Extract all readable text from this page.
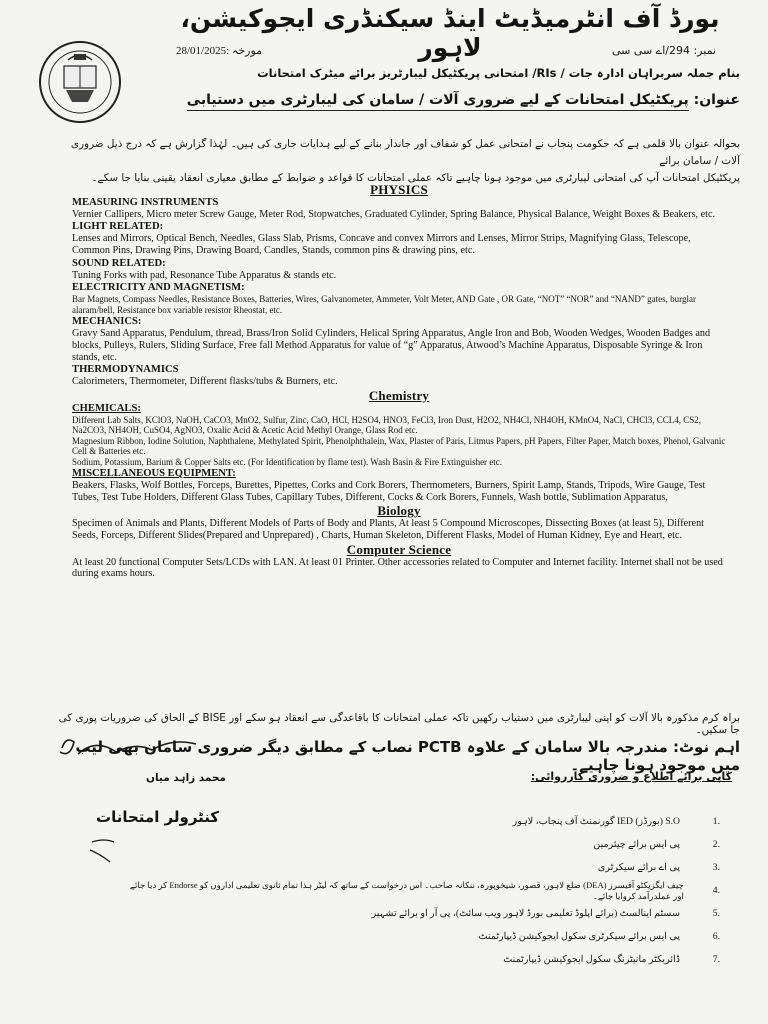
بورڈ آف انٹرمیڈیٹ اینڈ سیکنڈری ایجوکیشن، لاہور	نمبر: 294/اے سی سی
28/01/2025: مورخہ
بنام جملہ سربراہان ادارہ جات / RIs/ امتحانی پریکٹیکل لیبارٹریز برائے میٹرک امتحانات
عنوان: پریکٹیکل امتحانات کے لیے ضروری آلات / سامان کی لیبارٹری میں دستیابی
بحوالہ عنوان بالا قلمی ہے کہ حکومت پنجاب نے امتحانی عمل کو شفاف اور جاندار بنانے کے لیے ہدایات جاری کی ہیں۔ لہٰذا گزارش ہے کہ درج ذیل ضروری آلات / سامان برائے
پریکٹیکل امتحانات آپ کی امتحانی لیبارٹری میں موجود ہونا چاہیے تاکہ عملی امتحانات کا قواعد و ضوابط کے مطابق معیاری انعقاد یقینی بنایا جا سکے۔
PHYSICS
MEASURING INSTRUMENTS

Vernier Callipers, Micro meter Screw Gauge, Meter Rod, Stopwatches, Graduated Cylinder, Spring Balance, Physical Balance, Weight Boxes & Beakers, etc.

LIGHT RELATED:

Lenses and Mirrors, Optical Bench, Needles, Glass Slab, Prisms, Concave and convex Mirrors and Lenses, Mirror Strips, Magnifying Glass, Telescope, Common Pins, Drawing Pins, Drawing Board, Candles, Stands, common pins & drawing pins, etc.

SOUND RELATED:

Tuning Forks with pad, Resonance Tube Apparatus & stands etc.

ELECTRICITY AND MAGNETISM:

Bar Magnets, Compass Needles, Resistance Boxes, Batteries, Wires, Galvanometer, Ammeter, Volt Meter, AND Gate , OR Gate, “NOT” “NOR” and “NAND” gates, burglar alaram/bell, Resistance box variable resistor Rheostat, etc.

MECHANICS:

Gravy Sand Apparatus, Pendulum, thread, Brass/Iron Solid Cylinders, Helical Spring Apparatus, Angle Iron and Bob, Wooden Wedges, Wooden Badges and blocks, Pulleys, Rulers, Sliding Surface, Free fall Method Apparatus for value of “g” Apparatus, Atwood’s Machine Apparatus, Disposable Syringe & Iron stands, etc.

THERMODYNAMICS

Calorimeters, Thermometer, Different flasks/tubs & Burners, etc.

Chemistry
CHEMICALS:

Different Lab Salts, KClO3, NaOH, CaCO3, MnO2, Sulfur, Zinc, CaO, HCl, H2SO4, HNO3, FeCl3, Iron Dust, H2O2, NH4Cl, NH4OH, KMnO4, NaCl, CHCl3, CCL4, CS2, Na2CO3, NH4OH, CuSO4, AgNO3, Oxalic Acid & Acetic Acid Methyl Orange, Glass Rod etc.

Magnesium Ribbon, Iodine Solution, Naphthalene, Methylated Spirit, Phenolphthalein, Wax, Plaster of Paris, Litmus Papers, pH Papers, Filter Paper, Match boxes, Phenol, Galvanic Cell & Batteries etc.

Sodium, Potassium, Barium & Copper Salts etc. (For Identification by flame test). Wash Basin & Fire Extinguisher etc.

MISCELLANEOUS EQUIPMENT:

Beakers, Flasks, Wolf Bottles, Forceps, Burettes, Pipettes, Corks and Cork Borers, Thermometers, Burners, Spirit Lamp, Stands, Tripods, Wire Gauge, Test Tubes, Test Tube Holders, Different Glass Tubes, Capillary Tubes, Different, Cocks & Cork Borers, Funnels, Wash bottle, Sublimation Apparatus,

Biology

Specimen of Animals and Plants, Different Models of Parts of Body and Plants, At least 5 Compound Microscopes, Dissecting Boxes (at least 5), Different Seeds, Forceps, Different Slides(Prepared and Unprepared) , Charts, Human Skeleton, Different Flasks, Model of Human Kidney, Eye and Heart, etc.

Computer Science

At least 20 functional Computer Sets/LCDs with LAN. At least 01 Printer. Other accessories related to Computer and Internet facility. Internet shall not be used during exams hours.

براہ کرم مذکورہ بالا آلات کو اپنی لیبارٹری میں دستیاب رکھیں تاکہ عملی امتحانات کا باقاعدگی سے انعقاد ہو سکے اور BISE کے الحاق کی ضروریات پوری کی جا سکیں۔
اہم نوٹ: مندرجہ بالا سامان کے علاوہ PCTB نصاب کے مطابق دیگر ضروری سامان بھی لیب میں موجود ہونا چاہیے۔
محمد زاہد میاں
کنٹرولر امتحانات
کاپی برائے اطلاع و ضروری کارروائی:
S.O (بورڈز) IED گورنمنٹ آف پنجاب، لاہور	1.
پی ایس برائے چیئرمین	2.
پی اے برائے سیکرٹری	3.
چیف ایگزیکٹو آفیسرز (DEA) ضلع لاہور، قصور، شیخوپورہ، ننکانہ صاحب۔ اس درخواست کے ساتھ کہ لیٹر ہذا تمام ثانوی تعلیمی اداروں کو Endorse کر دیا جائے اور عملدرآمد کروایا جائے۔	4.
سسٹم اینالسٹ (برائے اپلوڈ تعلیمی بورڈ لاہور ویب سائٹ)، پی آر او برائے تشہیر	5.
پی ایس برائے سیکرٹری سکول ایجوکیشن ڈیپارٹمنٹ	6.
ڈائریکٹر مانیٹرنگ سکول ایجوکیشن ڈیپارٹمنٹ	7.
